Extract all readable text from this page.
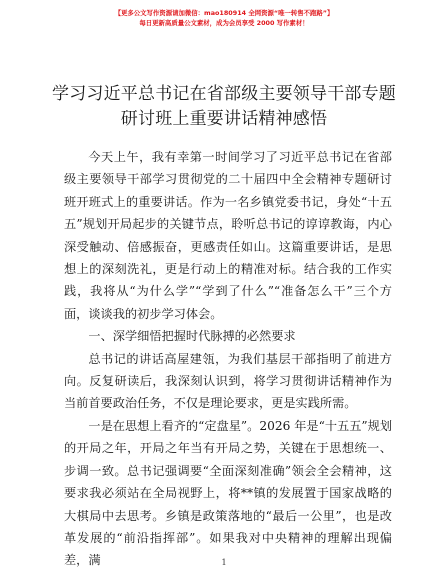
【更多公文写作资源请加微信：mao180914 全网资源“唯一转售不跑路”】
每日更新高质量公文素材，成为会员享受 2000 写作素材！
学习习近平总书记在省部级主要领导干部专题
研讨班上重要讲话精神感悟

今天上午，我有幸第一时间学习了习近平总书记在省部级主要领导干部学习贯彻党的二十届四中全会精神专题研讨班开班式上的重要讲话。作为一名乡镇党委书记，身处“十五五”规划开局起步的关键节点，聆听总书记的谆谆教诲，内心深受触动、倍感振奋，更感责任如山。这篇重要讲话，是思想上的深刻洗礼，更是行动上的精准对标。结合我的工作实践，我将从“为什么学”“学到了什么”“准备怎么干”三个方面，谈谈我的初步学习体会。

一、深学细悟把握时代脉搏的必然要求

总书记的讲话高屋建瓴，为我们基层干部指明了前进方向。反复研读后，我深刻认识到，将学习贯彻讲话精神作为当前首要政治任务，不仅是理论要求，更是实践所需。

一是在思想上看齐的“定盘星”。2026 年是“十五五”规划的开局之年，开局之年当有开局之势，关键在于思想统一、步调一致。总书记强调要“全面深刻准确”领会全会精神，这要求我必须站在全局视野上，将**镇的发展置于国家战略的大棋局中去思考。乡镇是政策落地的“最后一公里”，也是改革发展的“前沿指挥部”。如果我对中央精神的理解出现偏差，满	1
